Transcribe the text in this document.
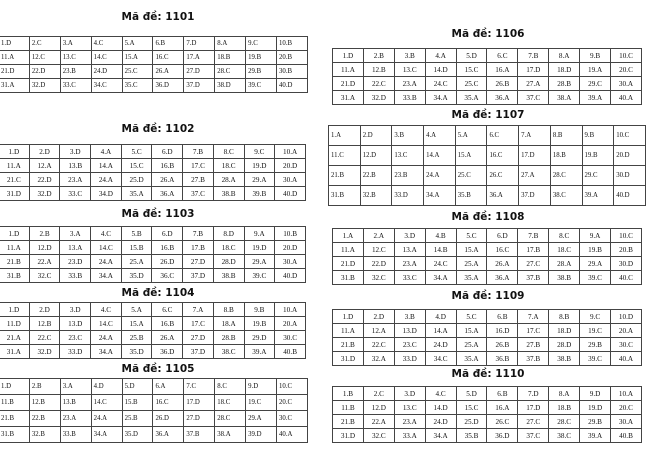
Mã đề: 1101
1.D	2.C	3.A	4.C	5.A	6.B	7.D	8.A	9.C	10.B
11.A	12.C	13.C	14.C	15.A	16.C	17.A	18.B	19.B	20.B
21.D	22.D	23.B	24.D	25.C	26.A	27.D	28.C	29.B	30.B
31.A	32.D	33.C	34.C	35.C	36.D	37.D	38.D	39.C	40.D
Mã đề: 1102
1.D	2.D	3.D	4.A	5.C	6.D	7.B	8.C	9.C	10.A
11.A	12.A	13.B	14.A	15.C	16.B	17.C	18.C	19.D	20.D
21.C	22.D	23.A	24.A	25.D	26.A	27.B	28.A	29.A	30.A
31.D	32.D	33.C	34.D	35.A	36.A	37.C	38.B	39.B	40.D
Mã đề: 1103
1.D	2.B	3.A	4.C	5.B	6.D	7.B	8.D	9.A	10.B
11.A	12.D	13.A	14.C	15.B	16.B	17.B	18.C	19.D	20.D
21.B	22.A	23.D	24.A	25.A	26.D	27.D	28.D	29.A	30.A
31.B	32.C	33.B	34.A	35.D	36.C	37.D	38.B	39.C	40.D
Mã đề: 1104
1.D	2.D	3.D	4.C	5.A	6.C	7.A	8.B	9.B	10.A
11.D	12.B	13.D	14.C	15.A	16.B	17.C	18.A	19.B	20.A
21.A	22.C	23.C	24.A	25.B	26.A	27.D	28.B	29.D	30.C
31.A	32.D	33.D	34.A	35.D	36.D	37.D	38.C	39.A	40.B
Mã đề: 1105
1.D	2.B	3.A	4.D	5.D	6.A	7.C	8.C	9.D	10.C
11.B	12.B	13.B	14.C	15.B	16.C	17.D	18.C	19.C	20.C
21.B	22.B	23.A	24.A	25.B	26.D	27.D	28.C	29.A	30.C
31.B	32.B	33.B	34.A	35.D	36.A	37.B	38.A	39.D	40.A
Mã đề: 1106
1.D	2.B	3.B	4.A	5.D	6.C	7.B	8.A	9.B	10.C
11.A	12.B	13.C	14.D	15.C	16.A	17.D	18.D	19.A	20.C
21.D	22.C	23.A	24.C	25.C	26.B	27.A	28.B	29.C	30.A
31.A	32.D	33.B	34.A	35.A	36.A	37.C	38.A	39.A	40.A
Mã đề: 1107
1.A	2.D	3.B	4.A	5.A	6.C	7.A	8.B	9.B	10.C
11.C	12.D	13.C	14.A	15.A	16.C	17.D	18.B	19.B	20.D
21.B	22.B	23.B	24.A	25.C	26.C	27.A	28.C	29.C	30.D
31.B	32.B	33.D	34.A	35.B	36.A	37.D	38.C	39.A	40.D
Mã đề: 1108
1.A	2.A	3.D	4.B	5.C	6.D	7.B	8.C	9.A	10.C
11.A	12.C	13.A	14.B	15.A	16.C	17.B	18.C	19.B	20.B
21.D	22.D	23.A	24.C	25.A	26.A	27.C	28.A	29.A	30.D
31.B	32.C	33.C	34.A	35.A	36.A	37.B	38.B	39.C	40.C
Mã đề: 1109
1.D	2.D	3.B	4.D	5.C	6.B	7.A	8.B	9.C	10.D
11.A	12.A	13.D	14.A	15.A	16.D	17.C	18.D	19.C	20.A
21.B	22.C	23.C	24.D	25.A	26.B	27.B	28.D	29.B	30.C
31.D	32.A	33.D	34.C	35.A	36.B	37.B	38.B	39.C	40.A
Mã đề: 1110
1.B	2.C	3.D	4.C	5.D	6.B	7.D	8.A	9.D	10.A
11.B	12.D	13.C	14.D	15.C	16.A	17.D	18.B	19.D	20.C
21.B	22.A	23.A	24.D	25.D	26.C	27.C	28.C	29.B	30.A
31.D	32.C	33.A	34.A	35.B	36.D	37.C	38.C	39.A	40.B
